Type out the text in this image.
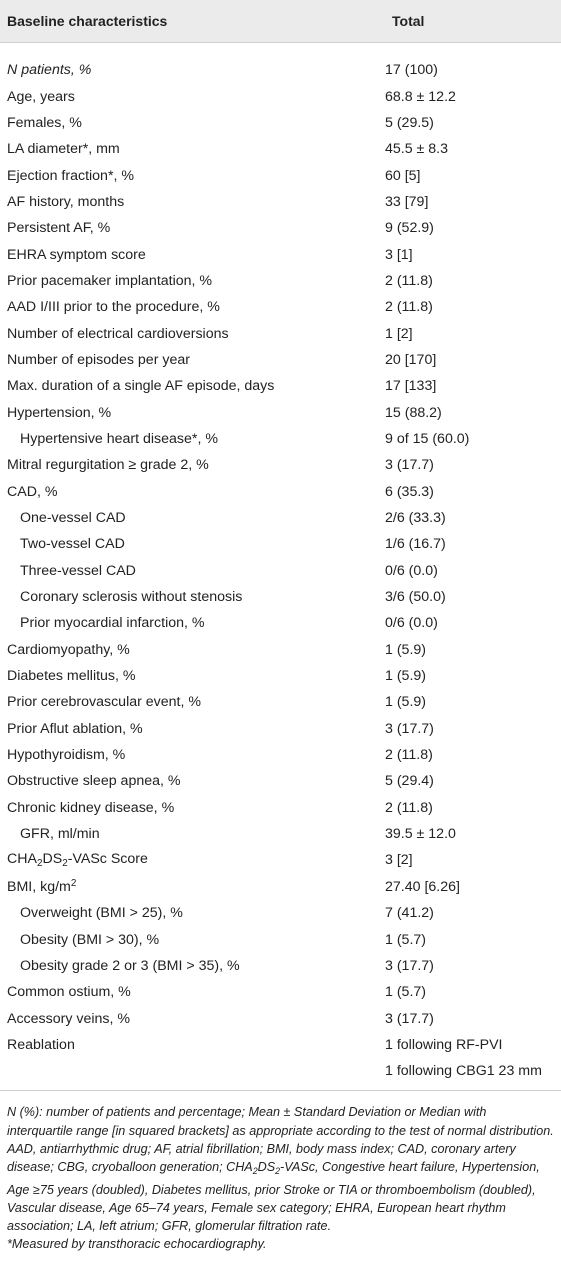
Baseline characteristics	Total
N patients, %	17 (100)
Age, years	68.8 ± 12.2
Females, %	5 (29.5)
LA diameter*, mm	45.5 ± 8.3
Ejection fraction*, %	60 [5]
AF history, months	33 [79]
Persistent AF, %	9 (52.9)
EHRA symptom score	3 [1]
Prior pacemaker implantation, %	2 (11.8)
AAD I/III prior to the procedure, %	2 (11.8)
Number of electrical cardioversions	1 [2]
Number of episodes per year	20 [170]
Max. duration of a single AF episode, days	17 [133]
Hypertension, %	15 (88.2)
Hypertensive heart disease*, %	9 of 15 (60.0)
Mitral regurgitation ≥ grade 2, %	3 (17.7)
CAD, %	6 (35.3)
One-vessel CAD	2/6 (33.3)
Two-vessel CAD	1/6 (16.7)
Three-vessel CAD	0/6 (0.0)
Coronary sclerosis without stenosis	3/6 (50.0)
Prior myocardial infarction, %	0/6 (0.0)
Cardiomyopathy, %	1 (5.9)
Diabetes mellitus, %	1 (5.9)
Prior cerebrovascular event, %	1 (5.9)
Prior Aflut ablation, %	3 (17.7)
Hypothyroidism, %	2 (11.8)
Obstructive sleep apnea, %	5 (29.4)
Chronic kidney disease, %	2 (11.8)
GFR, ml/min	39.5 ± 12.0
$CHA_2DS_2$-VASc Score	3 [2]
BMI, $kg/m^2$	27.40 [6.26]
Overweight (BMI > 25), %	7 (41.2)
Obesity (BMI > 30), %	1 (5.7)
Obesity grade 2 or 3 (BMI > 35), %	3 (17.7)
Common ostium, %	1 (5.7)
Accessory veins, %	3 (17.7)
Reablation	1 following RF-PVI
1 following CBG1 23 mm

N (%): number of patients and percentage; Mean ± Standard Deviation or Median with interquartile range [in squared brackets] as appropriate according to the test of normal distribution.

AAD, antiarrhythmic drug; AF, atrial fibrillation; BMI, body mass index; CAD, coronary artery disease; CBG, cryoballoon generation; $CHA_2DS_2$-VASc, Congestive heart failure, Hypertension, Age ≥75 years (doubled), Diabetes mellitus, prior Stroke or TIA or thromboembolism (doubled), Vascular disease, Age 65–74 years, Female sex category; EHRA, European heart rhythm association; LA, left atrium; GFR, glomerular filtration rate.

*Measured by transthoracic echocardiography.
